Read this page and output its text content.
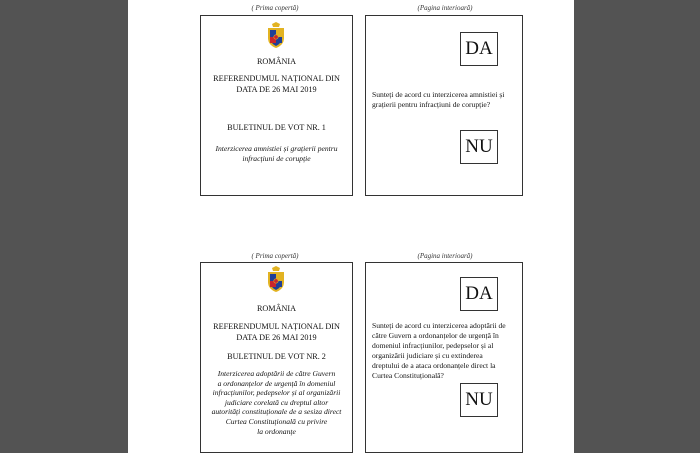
( Prima copertă)	(Pagina interioară)
ROMÂNIA
REFERENDUMUL NAȚIONAL DIN
DATA DE 26 MAI 2019
BULETINUL DE VOT NR. 1
Interzicerea amnistiei și grațierii pentru
infracțiuni de corupție
DA
Sunteți de acord cu interzicerea amnistiei și
grațierii pentru infracțiuni de corupție?
NU
( Prima copertă)	(Pagina interioară)
ROMÂNIA
REFERENDUMUL NAȚIONAL DIN
DATA DE 26 MAI 2019
BULETINUL DE VOT NR. 2
Interzicerea adoptării de către Guvern
a ordonanțelor de urgență în domeniul
infracțiunilor, pedepselor și al organizării
judiciare corelată cu dreptul altor
autorități constituționale de a sesiza direct
Curtea Constituțională cu privire
la ordonanțe
DA
Sunteți de acord cu interzicerea adoptării de
către Guvern a ordonanțelor de urgență în
domeniul infracțiunilor, pedepselor și al
organizării judiciare și cu extinderea
dreptului de a ataca ordonanțele direct la
Curtea Constituțională?
NU
